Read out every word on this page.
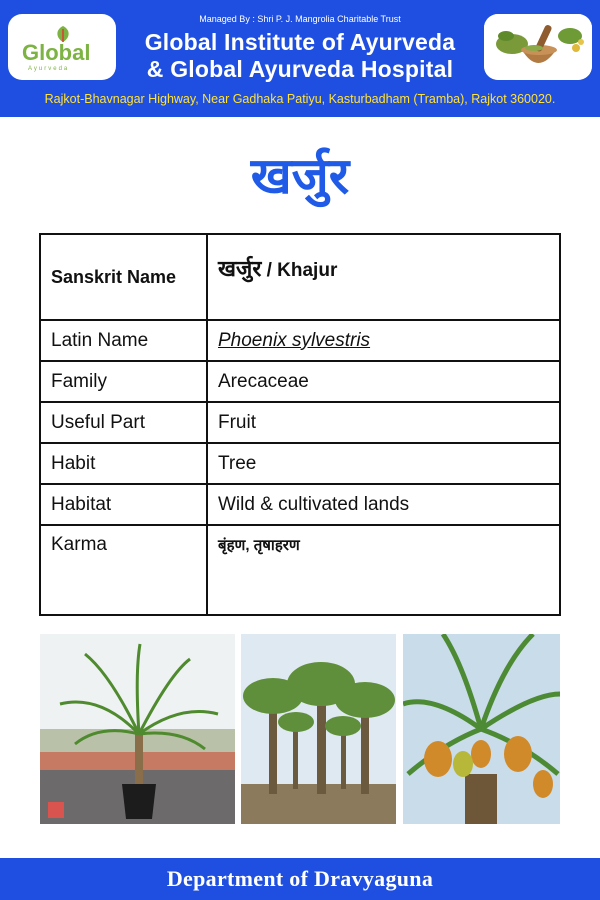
Global
Ayurveda
Managed By : Shri P. J. Mangrolia Charitable Trust
Global Institute of Ayurveda
& Global Ayurveda Hospital
Rajkot-Bhavnagar Highway, Near Gadhaka Patiyu, Kasturbadham (Tramba), Rajkot 360020.
खर्जुर
Sanskrit Name	खर्जुर / Khajur
Latin Name	Phoenix sylvestris
Family	Arecaceae
Useful Part	Fruit
Habit	Tree
Habitat	Wild & cultivated lands
Karma	बृंहण, तृषाहरण
Department of Dravyaguna
